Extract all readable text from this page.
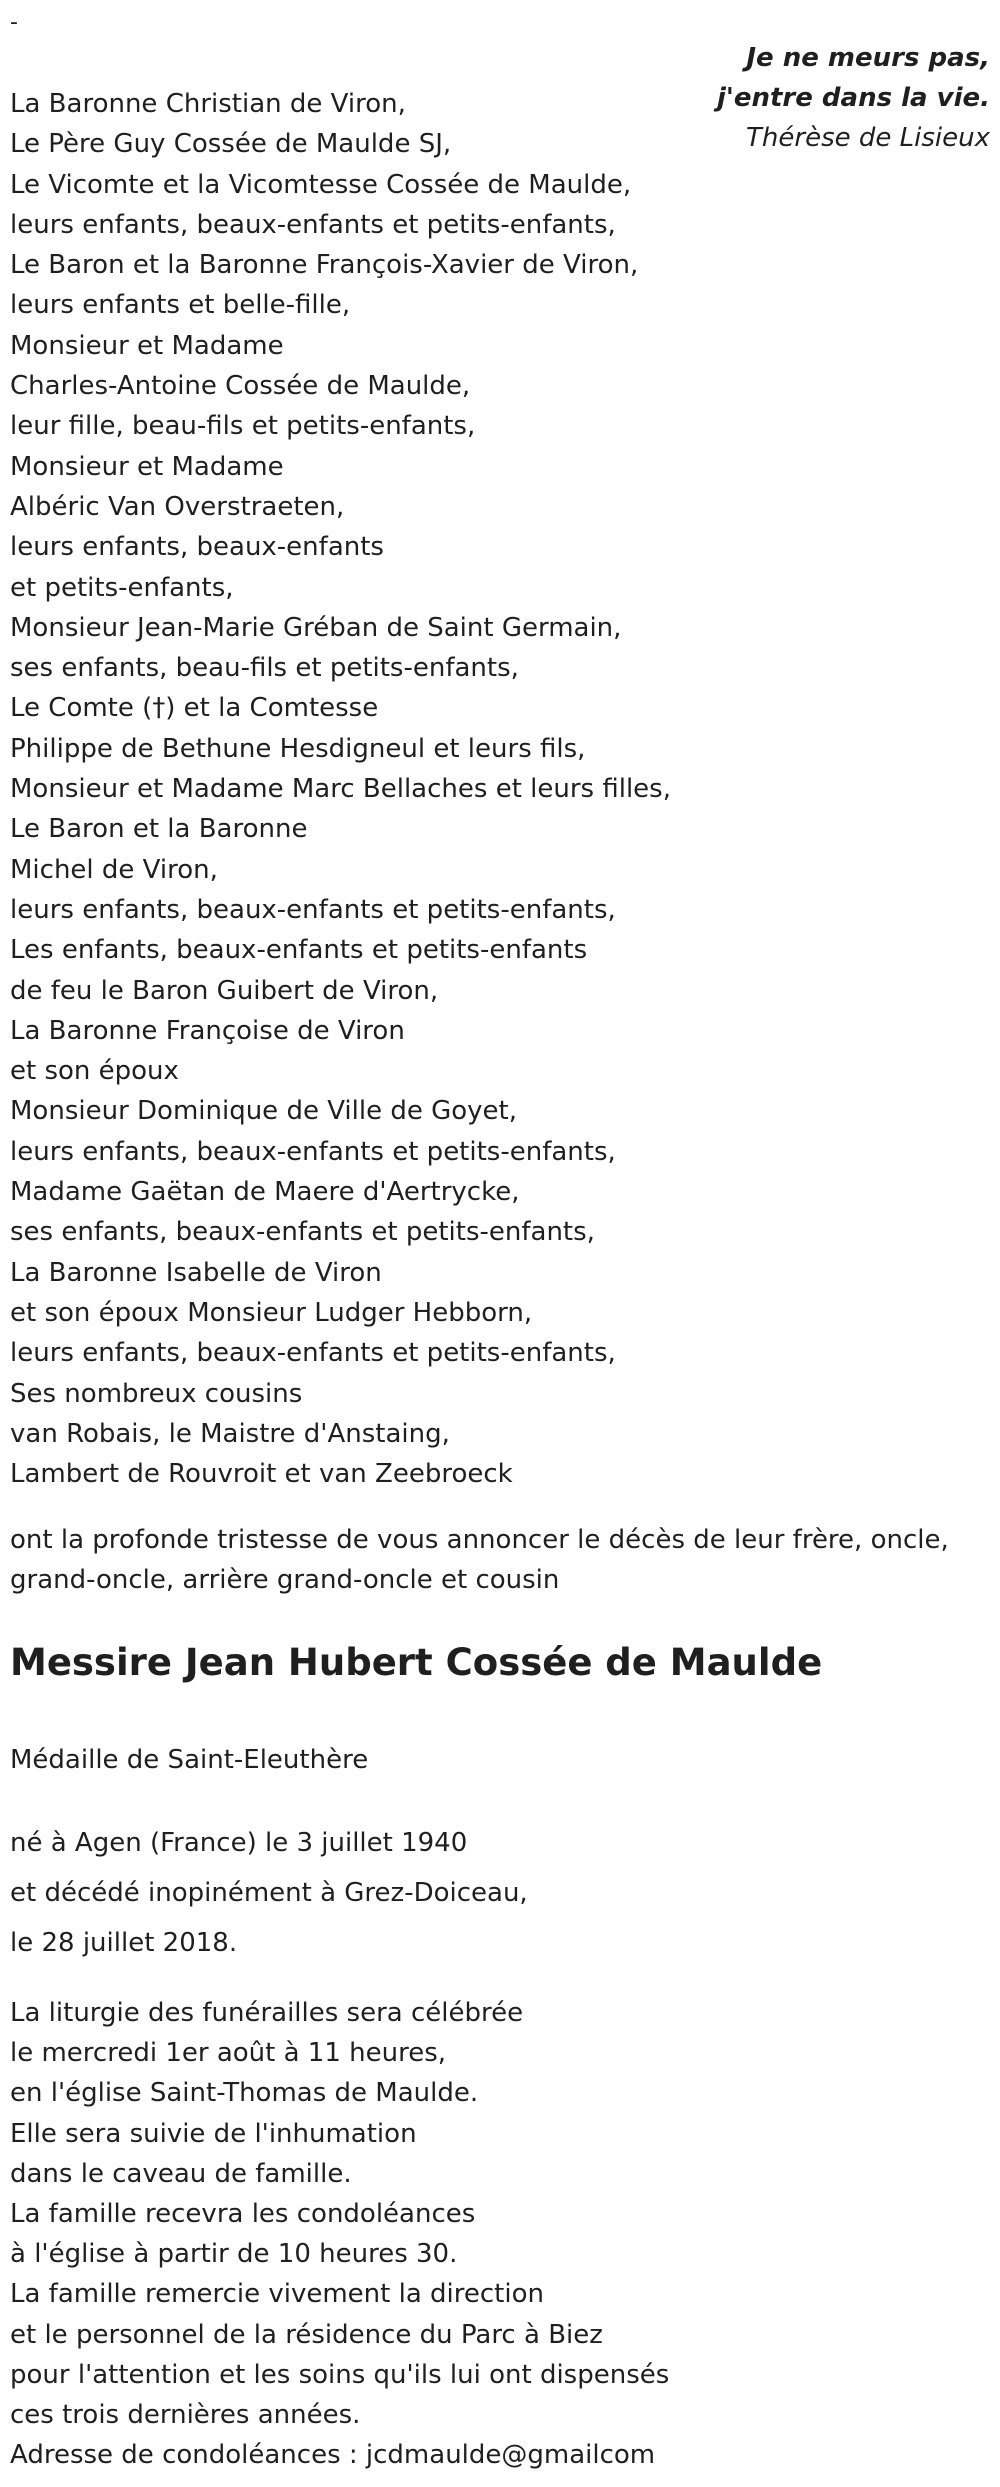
-
Je ne meurs pas,
j'entre dans la vie.
Thérèse de Lisieux
La Baronne Christian de Viron,
Le Père Guy Cossée de Maulde SJ,
Le Vicomte et la Vicomtesse Cossée de Maulde,
leurs enfants, beaux-enfants et petits-enfants,
Le Baron et la Baronne François-Xavier de Viron,
leurs enfants et belle-fille,
Monsieur et Madame
Charles-Antoine Cossée de Maulde,
leur fille, beau-fils et petits-enfants,
Monsieur et Madame
Albéric Van Overstraeten,
leurs enfants, beaux-enfants
et petits-enfants,
Monsieur Jean-Marie Gréban de Saint Germain,
ses enfants, beau-fils et petits-enfants,
Le Comte (†) et la Comtesse
Philippe de Bethune Hesdigneul et leurs fils,
Monsieur et Madame Marc Bellaches et leurs filles,
Le Baron et la Baronne
Michel de Viron,
leurs enfants, beaux-enfants et petits-enfants,
Les enfants, beaux-enfants et petits-enfants
de feu le Baron Guibert de Viron,
La Baronne Françoise de Viron
et son époux
Monsieur Dominique de Ville de Goyet,
leurs enfants, beaux-enfants et petits-enfants,
Madame Gaëtan de Maere d'Aertrycke,
ses enfants, beaux-enfants et petits-enfants,
La Baronne Isabelle de Viron
et son époux Monsieur Ludger Hebborn,
leurs enfants, beaux-enfants et petits-enfants,
Ses nombreux cousins
van Robais, le Maistre d'Anstaing,
Lambert de Rouvroit et van Zeebroeck
ont la profonde tristesse de vous annoncer le décès de leur frère, oncle, grand-oncle, arrière grand-oncle et cousin
Messire Jean Hubert Cossée de Maulde
Médaille de Saint-Eleuthère
né à Agen (France) le 3 juillet 1940
et décédé inopinément à Grez-Doiceau,
le 28 juillet 2018.
La liturgie des funérailles sera célébrée
le mercredi 1er août à 11 heures,
en l'église Saint-Thomas de Maulde.
Elle sera suivie de l'inhumation
dans le caveau de famille.
La famille recevra les condoléances
à l'église à partir de 10 heures 30.
La famille remercie vivement la direction
et le personnel de la résidence du Parc à Biez
pour l'attention et les soins qu'ils lui ont dispensés
ces trois dernières années.
Adresse de condoléances : jcdmaulde@gmailcom
